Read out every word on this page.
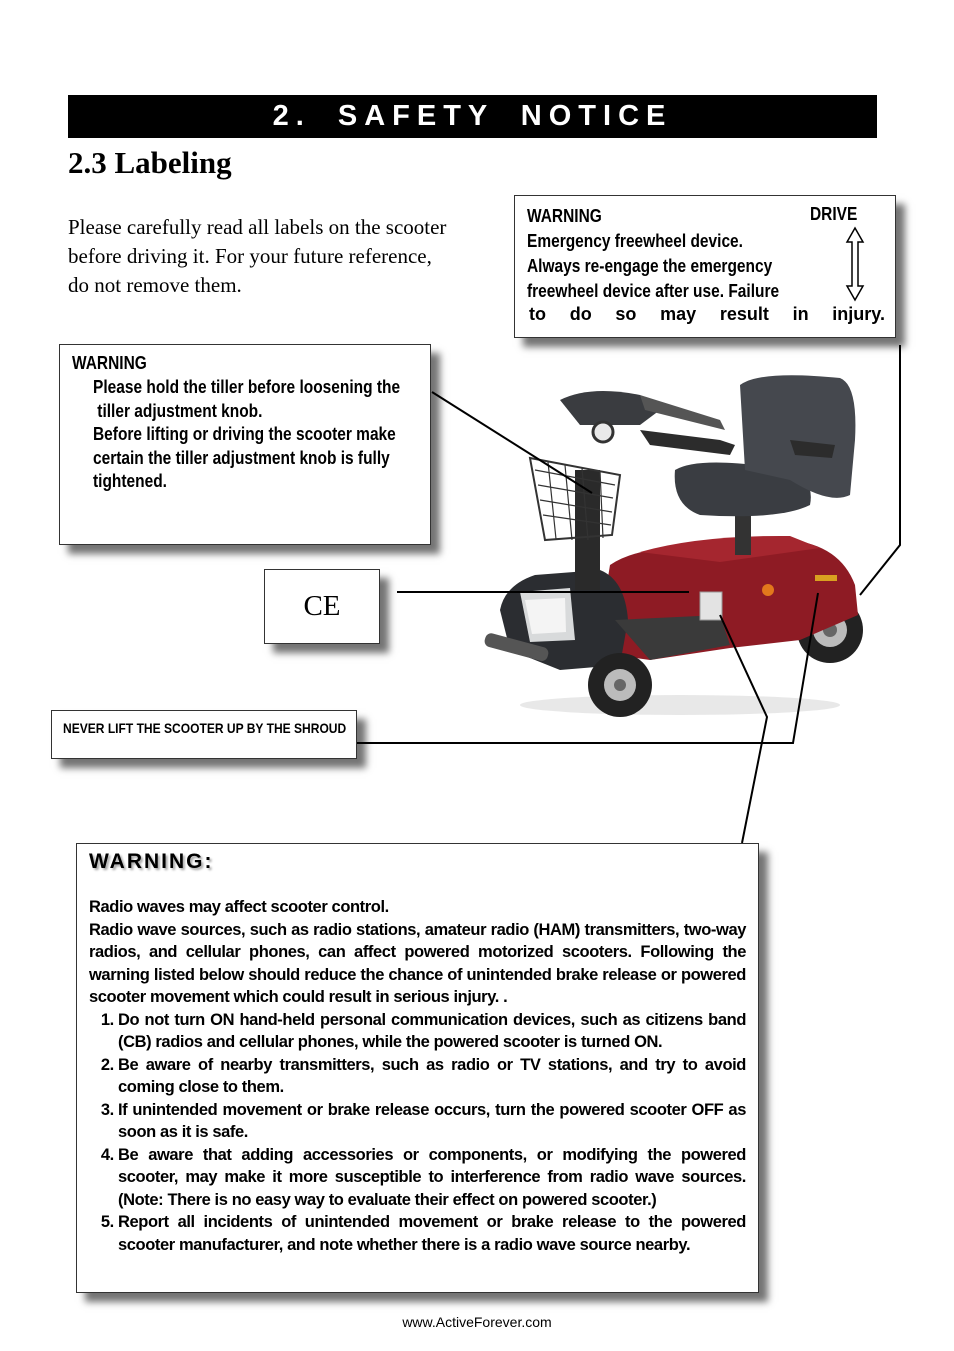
2. SAFETY NOTICE
2.3 Labeling
Please carefully read all labels on the scooter
before driving it. For your future reference,
do not remove them.
WARNING
Emergency freewheel device.
Always re-engage the emergency
freewheel device after use. Failure
DRIVE
to do so may result in injury.
WARNING
Please hold the tiller before loosening the
tiller adjustment knob.
Before lifting or driving the scooter make
certain the tiller adjustment knob is fully
tightened.
CE
NEVER LIFT THE SCOOTER UP BY THE SHROUD
WARNING:

Radio waves may affect scooter control.

Radio wave sources, such as radio stations, amateur radio (HAM) transmitters, two-way radios, and cellular phones, can affect powered motorized scooters. Following the warning listed below should reduce the chance of unintended brake release or powered scooter movement which could result in serious injury. .

1. Do not turn ON hand-held personal communication devices, such as citizens band (CB) radios and cellular phones, while the powered scooter is turned ON.
2. Be aware of nearby transmitters, such as radio or TV stations, and try to avoid coming close to them.
3. If unintended movement or brake release occurs, turn the powered scooter OFF as soon as it is safe.
4. Be aware that adding accessories or components, or modifying the powered scooter, may make it more susceptible to interference from radio wave sources. (Note: There is no easy way to evaluate their effect on powered scooter.)
5. Report all incidents of unintended movement or brake release to the powered scooter manufacturer, and note whether there is a radio wave source nearby.
www.ActiveForever.com
